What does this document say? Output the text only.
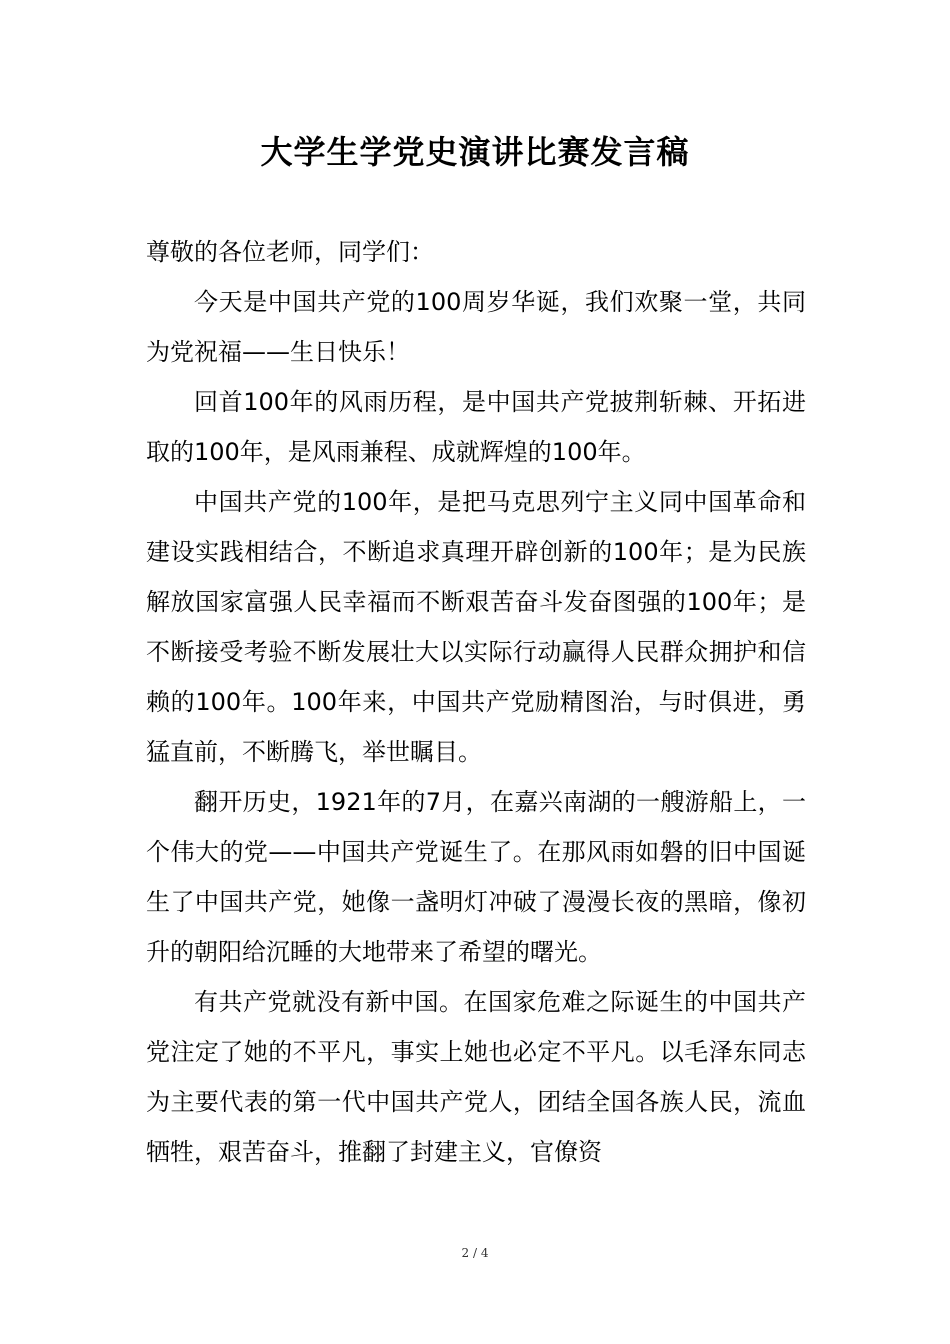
大学生学党史演讲比赛发言稿

尊敬的各位老师，同学们：

今天是中国共产党的100周岁华诞，我们欢聚一堂，共同为党祝福——生日快乐！

回首100年的风雨历程，是中国共产党披荆斩棘、开拓进取的100年，是风雨兼程、成就辉煌的100年。

中国共产党的100年，是把马克思列宁主义同中国革命和建设实践相结合，不断追求真理开辟创新的100年；是为民族解放国家富强人民幸福而不断艰苦奋斗发奋图强的100年；是不断接受考验不断发展壮大以实际行动赢得人民群众拥护和信赖的100年。100年来，中国共产党励精图治，与时俱进，勇猛直前，不断腾飞，举世瞩目。

翻开历史，1921年的7月，在嘉兴南湖的一艘游船上，一个伟大的党——中国共产党诞生了。在那风雨如磐的旧中国诞生了中国共产党，她像一盏明灯冲破了漫漫长夜的黑暗，像初升的朝阳给沉睡的大地带来了希望的曙光。

有共产党就没有新中国。在国家危难之际诞生的中国共产党注定了她的不平凡，事实上她也必定不平凡。以毛泽东同志为主要代表的第一代中国共产党人，团结全国各族人民，流血牺牲，艰苦奋斗，推翻了封建主义，官僚资

2 / 4
